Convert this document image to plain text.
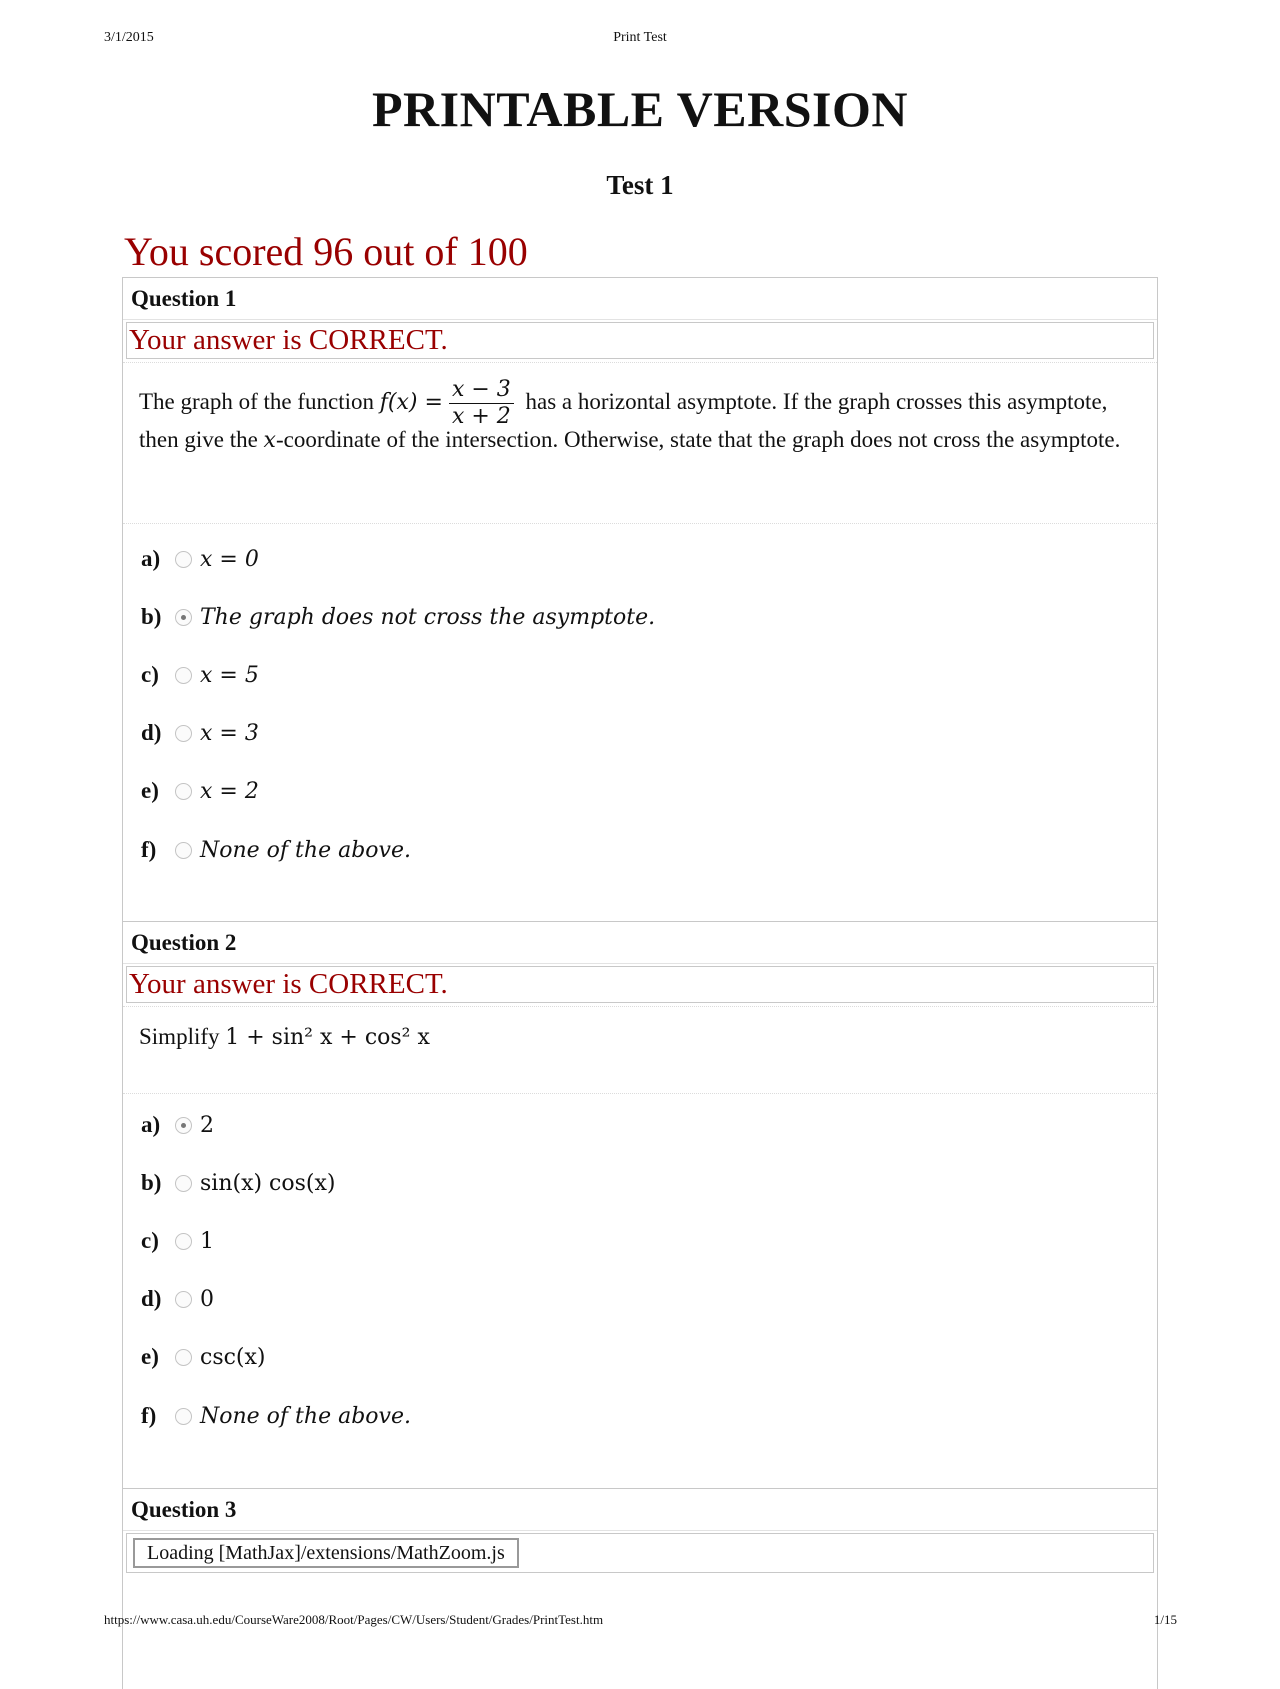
3/1/2015	Print Test
PRINTABLE VERSION
Test 1
You scored 96 out of 100
Question 1
Your answer is CORRECT.
The graph of the function $f(x) = \frac{x - 3}{x + 2}$ has a horizontal asymptote. If the graph crosses this asymptote, then give the x-coordinate of the intersection. Otherwise, state that the graph does not cross the asymptote.
a)	x = 0
b)	The graph does not cross the asymptote.
c)	x = 5
d)	x = 3
e)	x = 2
f)	None of the above.
Question 2
Your answer is CORRECT.
Simplify 1 + sin² x + cos² x
a)	2
b)	sin(x) cos(x)
c)	1
d)	0
e)	csc(x)
f)	None of the above.
Question 3
Loading [MathJax]/extensions/MathZoom.js
https://www.casa.uh.edu/CourseWare2008/Root/Pages/CW/Users/Student/Grades/PrintTest.htm	1/15
